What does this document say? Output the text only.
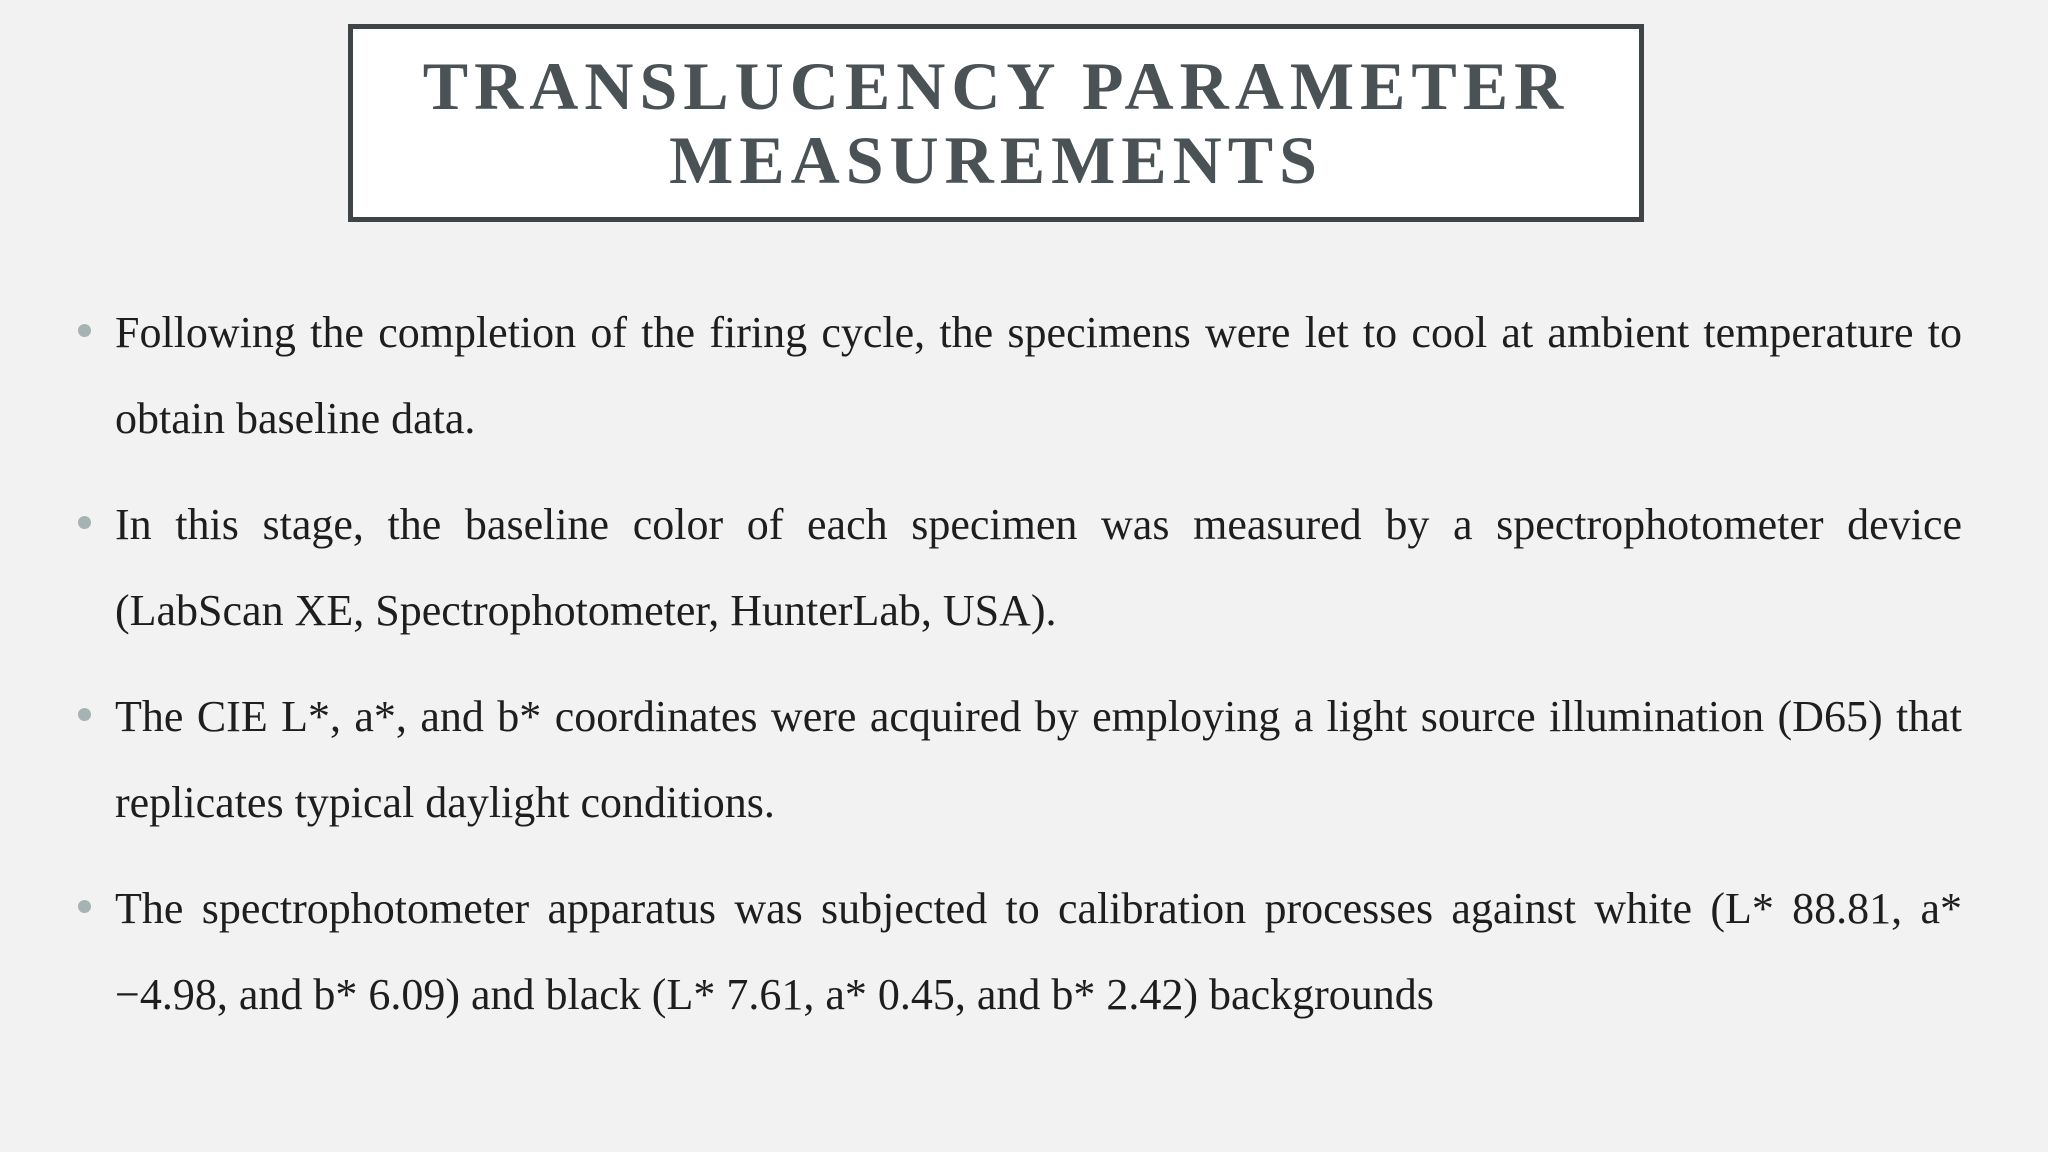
TRANSLUCENCY PARAMETER
MEASUREMENTS
Following the completion of the firing cycle, the specimens were let to cool at ambient temperature to obtain baseline data.
In this stage, the baseline color of each specimen was measured by a spectrophotometer device (LabScan XE, Spectrophotometer, HunterLab, USA).
The CIE L*, a*, and b* coordinates were acquired by employing a light source illumination (D65) that replicates typical daylight conditions.
The spectrophotometer apparatus was subjected to calibration processes against white (L* 88.81, a* −4.98, and b* 6.09) and black (L* 7.61, a* 0.45, and b* 2.42) backgrounds
